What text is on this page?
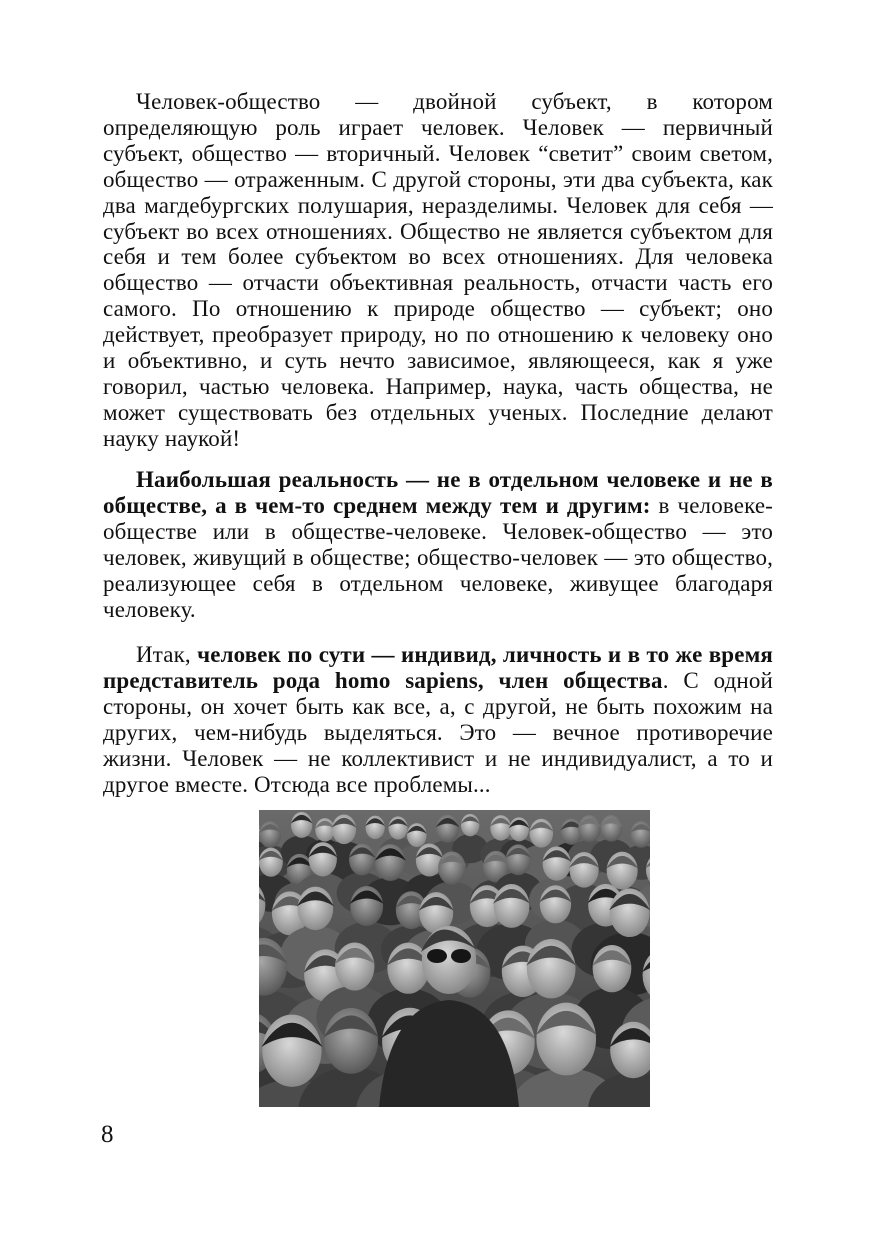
Человек-общество — двойной субъект, в котором определяющую роль играет человек. Человек — первичный субъект, общество — вторичный. Человек “светит” своим светом, общество — отраженным. С другой стороны, эти два субъекта, как два магдебургских полушария, неразделимы. Человек для себя — субъект во всех отношениях. Общество не является субъектом для себя и тем более субъектом во всех отношениях. Для человека общество — отчасти объективная реальность, отчасти часть его самого. По отношению к природе общество — субъект; оно действует, преобразует природу, но по отношению к человеку оно и объективно, и суть нечто зависимое, являющееся, как я уже говорил, частью человека. Например, наука, часть общества, не может существовать без отдельных ученых. Последние делают науку наукой!

Наибольшая реальность — не в отдельном человеке и не в обществе, а в чем-то среднем между тем и другим: в человеке-обществе или в обществе-человеке. Человек-общество — это человек, живущий в обществе; общество-человек — это общество, реализующее себя в отдельном человеке, живущее благодаря человеку.

Итак, человек по сути — индивид, личность и в то же время представитель рода homo sapiens, член общества. С одной стороны, он хочет быть как все, а, с другой, не быть похожим на других, чем-нибудь выделяться. Это — вечное противоречие жизни. Человек — не коллективист и не индивидуалист, а то и другое вместе. Отсюда все проблемы...

8
